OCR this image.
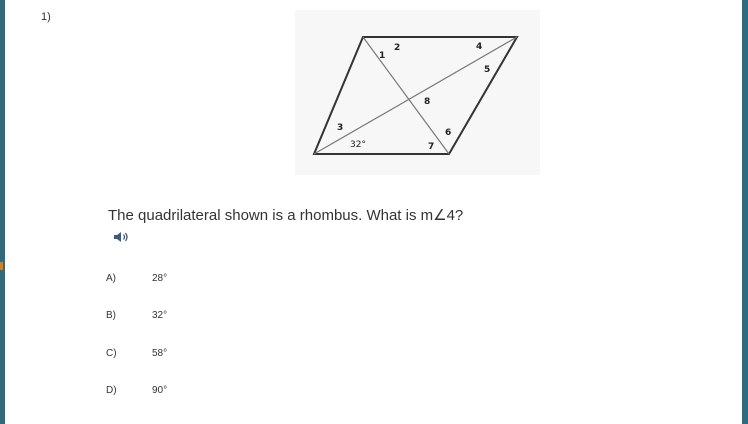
1)
1
2
3
4
5
6
7
8
32°
The quadrilateral shown is a rhombus. What is m∠4?
A)	28°
B)	32°
C)	58°
D)	90°
